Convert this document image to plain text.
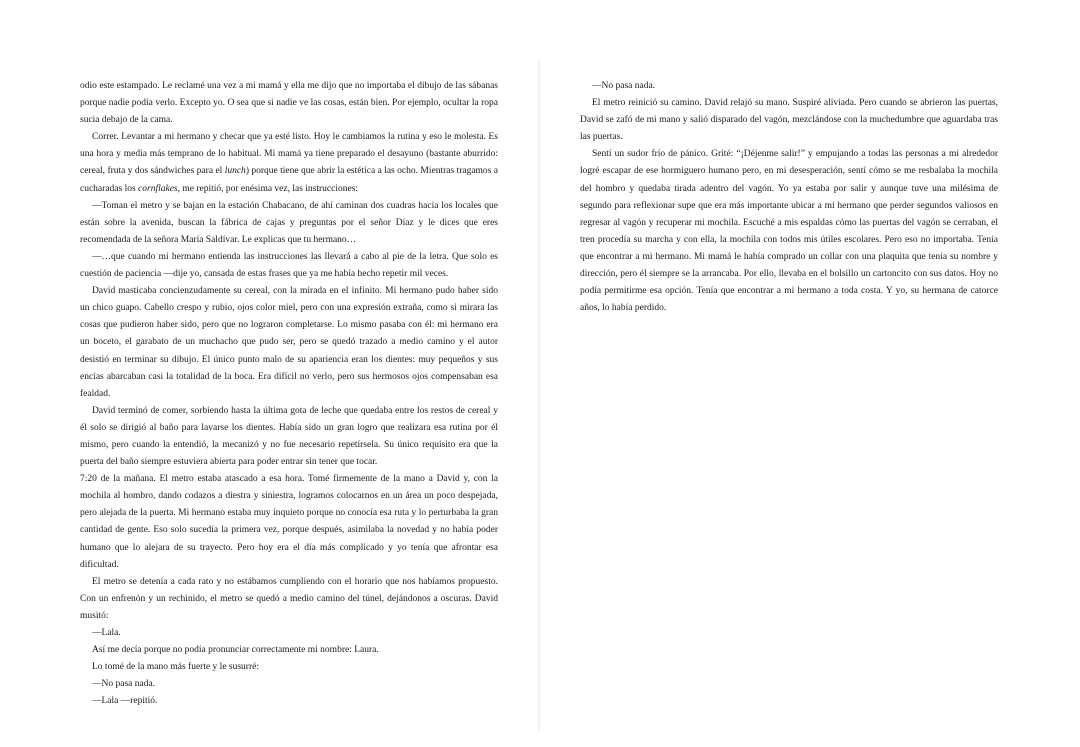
odio este estampado. Le reclamé una vez a mi mamá y ella me dijo que no importaba el dibujo de las sábanas porque nadie podía verlo. Excepto yo. O sea que si nadie ve las cosas, están bien. Por ejemplo, ocultar la ropa sucia debajo de la cama.

Correr. Levantar a mi hermano y checar que ya esté listo. Hoy le cambiamos la rutina y eso le molesta. Es una hora y media más temprano de lo habitual. Mi mamá ya tiene preparado el desayuno (bastante aburrido: cereal, fruta y dos sándwiches para el lunch) porque tiene que abrir la estética a las ocho. Mientras tragamos a cucharadas los cornflakes, me repitió, por enésima vez, las instrucciones:

—Toman el metro y se bajan en la estación Chabacano, de ahí caminan dos cuadras hacia los locales que están sobre la avenida, buscan la fábrica de cajas y preguntas por el señor Díaz y le dices que eres recomendada de la señora María Saldívar. Le explicas que tu hermano…

—…que cuando mi hermano entienda las instrucciones las llevará a cabo al pie de la letra. Que solo es cuestión de paciencia —dije yo, cansada de estas frases que ya me había hecho repetir mil veces.

David masticaba concienzudamente su cereal, con la mirada en el infinito. Mi hermano pudo haber sido un chico guapo. Cabello crespo y rubio, ojos color miel, pero con una expresión extraña, como si mirara las cosas que pudieron haber sido, pero que no lograron completarse. Lo mismo pasaba con él: mi hermano era un boceto, el garabato de un muchacho que pudo ser, pero se quedó trazado a medio camino y el autor desistió en terminar su dibujo. El único punto malo de su apariencia eran los dientes: muy pequeños y sus encías abarcaban casi la totalidad de la boca. Era difícil no verlo, pero sus hermosos ojos compensaban esa fealdad.

David terminó de comer, sorbiendo hasta la última gota de leche que quedaba entre los restos de cereal y él solo se dirigió al baño para lavarse los dientes. Había sido un gran logro que realizara esa rutina por él mismo, pero cuando la entendió, la mecanizó y no fue necesario repetírsela. Su único requisito era que la puerta del baño siempre estuviera abierta para poder entrar sin tener que tocar.

7:20 de la mañana. El metro estaba atascado a esa hora. Tomé firmemente de la mano a David y, con la mochila al hombro, dando codazos a diestra y siniestra, logramos colocarnos en un área un poco despejada, pero alejada de la puerta. Mi hermano estaba muy inquieto porque no conocía esa ruta y lo perturbaba la gran cantidad de gente. Eso solo sucedía la primera vez, porque después, asimilaba la novedad y no había poder humano que lo alejara de su trayecto. Pero hoy era el día más complicado y yo tenía que afrontar esa dificultad.

El metro se detenía a cada rato y no estábamos cumpliendo con el horario que nos habíamos propuesto. Con un enfrenón y un rechinido, el metro se quedó a medio camino del túnel, dejándonos a oscuras. David musitó:

—Lala.

Así me decía porque no podía pronunciar correctamente mi nombre: Laura.

Lo tomé de la mano más fuerte y le susurré:

—No pasa nada.

—Lala —repitió.

—No pasa nada.

El metro reinició su camino. David relajó su mano. Suspiré aliviada. Pero cuando se abrieron las puertas, David se zafó de mi mano y salió disparado del vagón, mezclándose con la muchedumbre que aguardaba tras las puertas.

Sentí un sudor frío de pánico. Grité: “¡Déjenme salir!” y empujando a todas las personas a mi alrededor logré escapar de ese hormiguero humano pero, en mi desesperación, sentí cómo se me resbalaba la mochila del hombro y quedaba tirada adentro del vagón. Yo ya estaba por salir y aunque tuve una milésima de segundo para reflexionar supe que era más importante ubicar a mi hermano que perder segundos valiosos en regresar al vagón y recuperar mi mochila. Escuché a mis espaldas cómo las puertas del vagón se cerraban, el tren procedía su marcha y con ella, la mochila con todos mis útiles escolares. Pero eso no importaba. Tenía que encontrar a mi hermano. Mi mamá le había comprado un collar con una plaquita que tenía su nombre y dirección, pero él siempre se la arrancaba. Por ello, llevaba en el bolsillo un cartoncito con sus datos. Hoy no podía permitirme esa opción. Tenía que encontrar a mi hermano a toda costa. Y yo, su hermana de catorce años, lo había perdido.
